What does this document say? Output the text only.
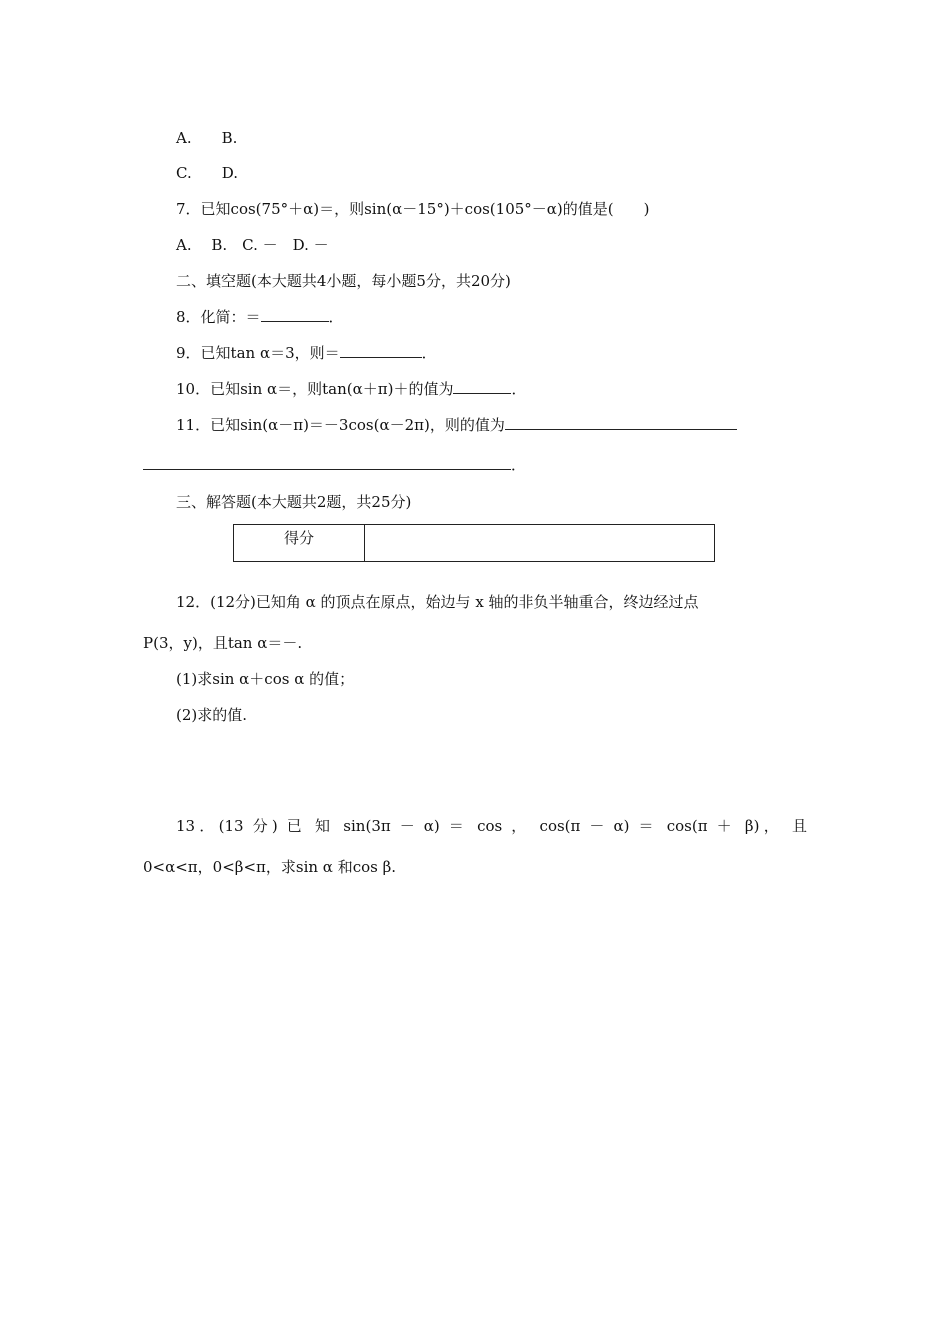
A.　　B.
C.　　D.
7．已知cos(75°＋α)＝，则sin(α－15°)＋cos(105°－α)的值是(　　)
A.　 B.　C. －　D. －
二、填空题(本大题共4小题，每小题5分，共20分)
8．化简：＝	．
9．已知tan α＝3，则＝	．
10．已知sin α＝，则tan(α＋π)＋的值为	．
11．已知sin(α－π)＝－3cos(α－2π)，则的值为
．
三、解答题(本大题共2题，共25分)
得分
12．(12分)已知角 α 的顶点在原点，始边与 x 轴的非负半轴重合，终边经过点
P(3，y)，且tan α＝－.
(1)求sin α＋cos α 的值；
(2)求的值.
13．(13 分) 已 知 sin(3π － α) ＝ cos ， cos(π － α) ＝ cos(π ＋ β)， 且
0<α<π，0<β<π，求sin α 和cos β.
